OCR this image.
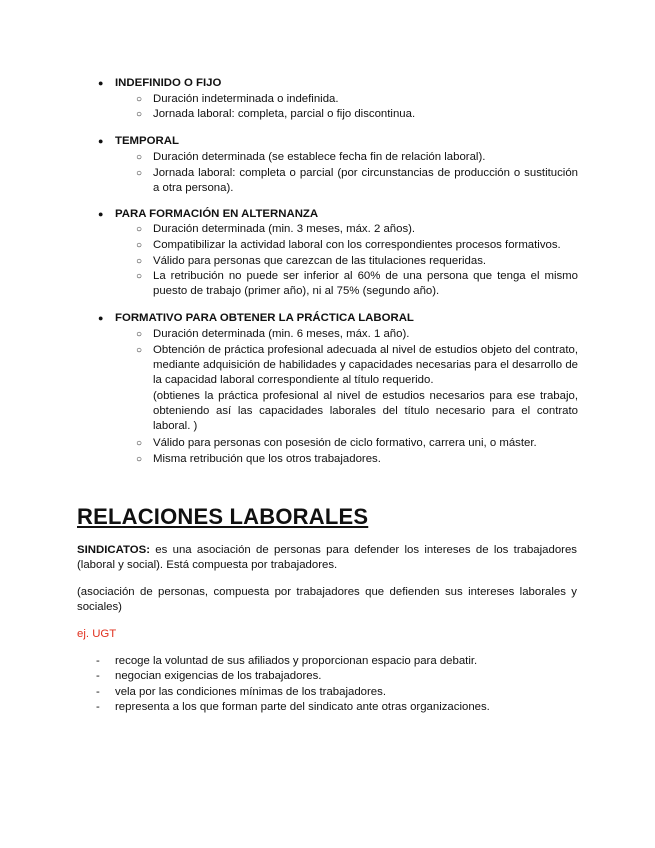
● INDEFINIDO O FIJO
○ Duración indeterminada o indefinida.
○ Jornada laboral: completa, parcial o fijo discontinua.
● TEMPORAL
○ Duración determinada (se establece fecha fin de relación laboral).
○ Jornada laboral: completa o parcial (por circunstancias de producción o sustitución a otra persona).
● PARA FORMACIÓN EN ALTERNANZA
○ Duración determinada (min. 3 meses, máx. 2 años).
○ Compatibilizar la actividad laboral con los correspondientes procesos formativos.
○ Válido para personas que carezcan de las titulaciones requeridas.
○ La retribución no puede ser inferior al 60% de una persona que tenga el mismo puesto de trabajo (primer año), ni al 75% (segundo año).
● FORMATIVO PARA OBTENER LA PRÁCTICA LABORAL
○ Duración determinada (min. 6 meses, máx. 1 año).
○ Obtención de práctica profesional adecuada al nivel de estudios objeto del contrato, mediante adquisición de habilidades y capacidades necesarias para el desarrollo de la capacidad laboral correspondiente al título requerido.
(obtienes la práctica profesional al nivel de estudios necesarios para ese trabajo, obteniendo así las capacidades laborales del título necesario para el contrato laboral. )
○ Válido para personas con posesión de ciclo formativo, carrera uni, o máster.
○ Misma retribución que los otros trabajadores.
RELACIONES LABORALES
SINDICATOS: es una asociación de personas para defender los intereses de los trabajadores (laboral y social). Está compuesta por trabajadores.
(asociación de personas, compuesta por trabajadores que defienden sus intereses laborales y sociales)
ej. UGT
- recoge la voluntad de sus afiliados y proporcionan espacio para debatir.
- negocian exigencias de los trabajadores.
- vela por las condiciones mínimas de los trabajadores.
- representa a los que forman parte del sindicato ante otras organizaciones.
